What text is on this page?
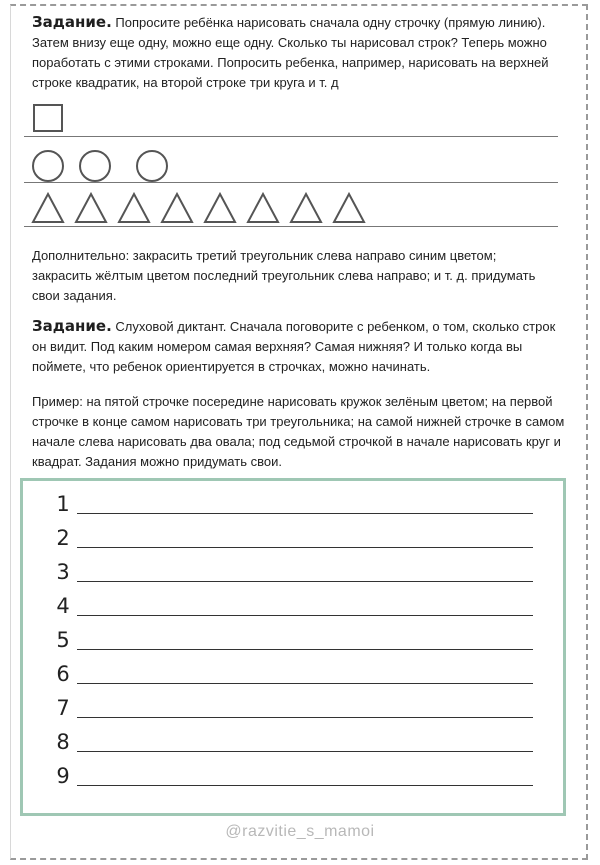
Задание. Попросите ребёнка нарисовать сначала одну строчку (прямую линию). Затем внизу еще одну, можно еще одну. Сколько ты нарисовал строк? Теперь можно поработать с этими строками. Попросить ребенка, например, нарисовать на верхней строке квадратик, на второй строке три круга и т. д

Дополнительно: закрасить третий треугольник слева направо синим цветом; закрасить жёлтым цветом последний треугольник слева направо; и т. д. придумать свои задания.

Задание. Слуховой диктант. Сначала поговорите с ребенком, о том, сколько строк он видит. Под каким номером самая верхняя? Самая нижняя? И только когда вы поймете, что ребенок ориентируется в строчках, можно начинать.

Пример: на пятой строчке посередине нарисовать кружок зелёным цветом; на первой строчке в конце самом нарисовать три треугольника; на самой нижней строчке в самом начале слева нарисовать два овала; под седьмой строчкой в начале нарисовать круг и квадрат. Задания можно придумать свои.

1
2
3
4
5
6
7
8
9
@razvitie_s_mamoi
